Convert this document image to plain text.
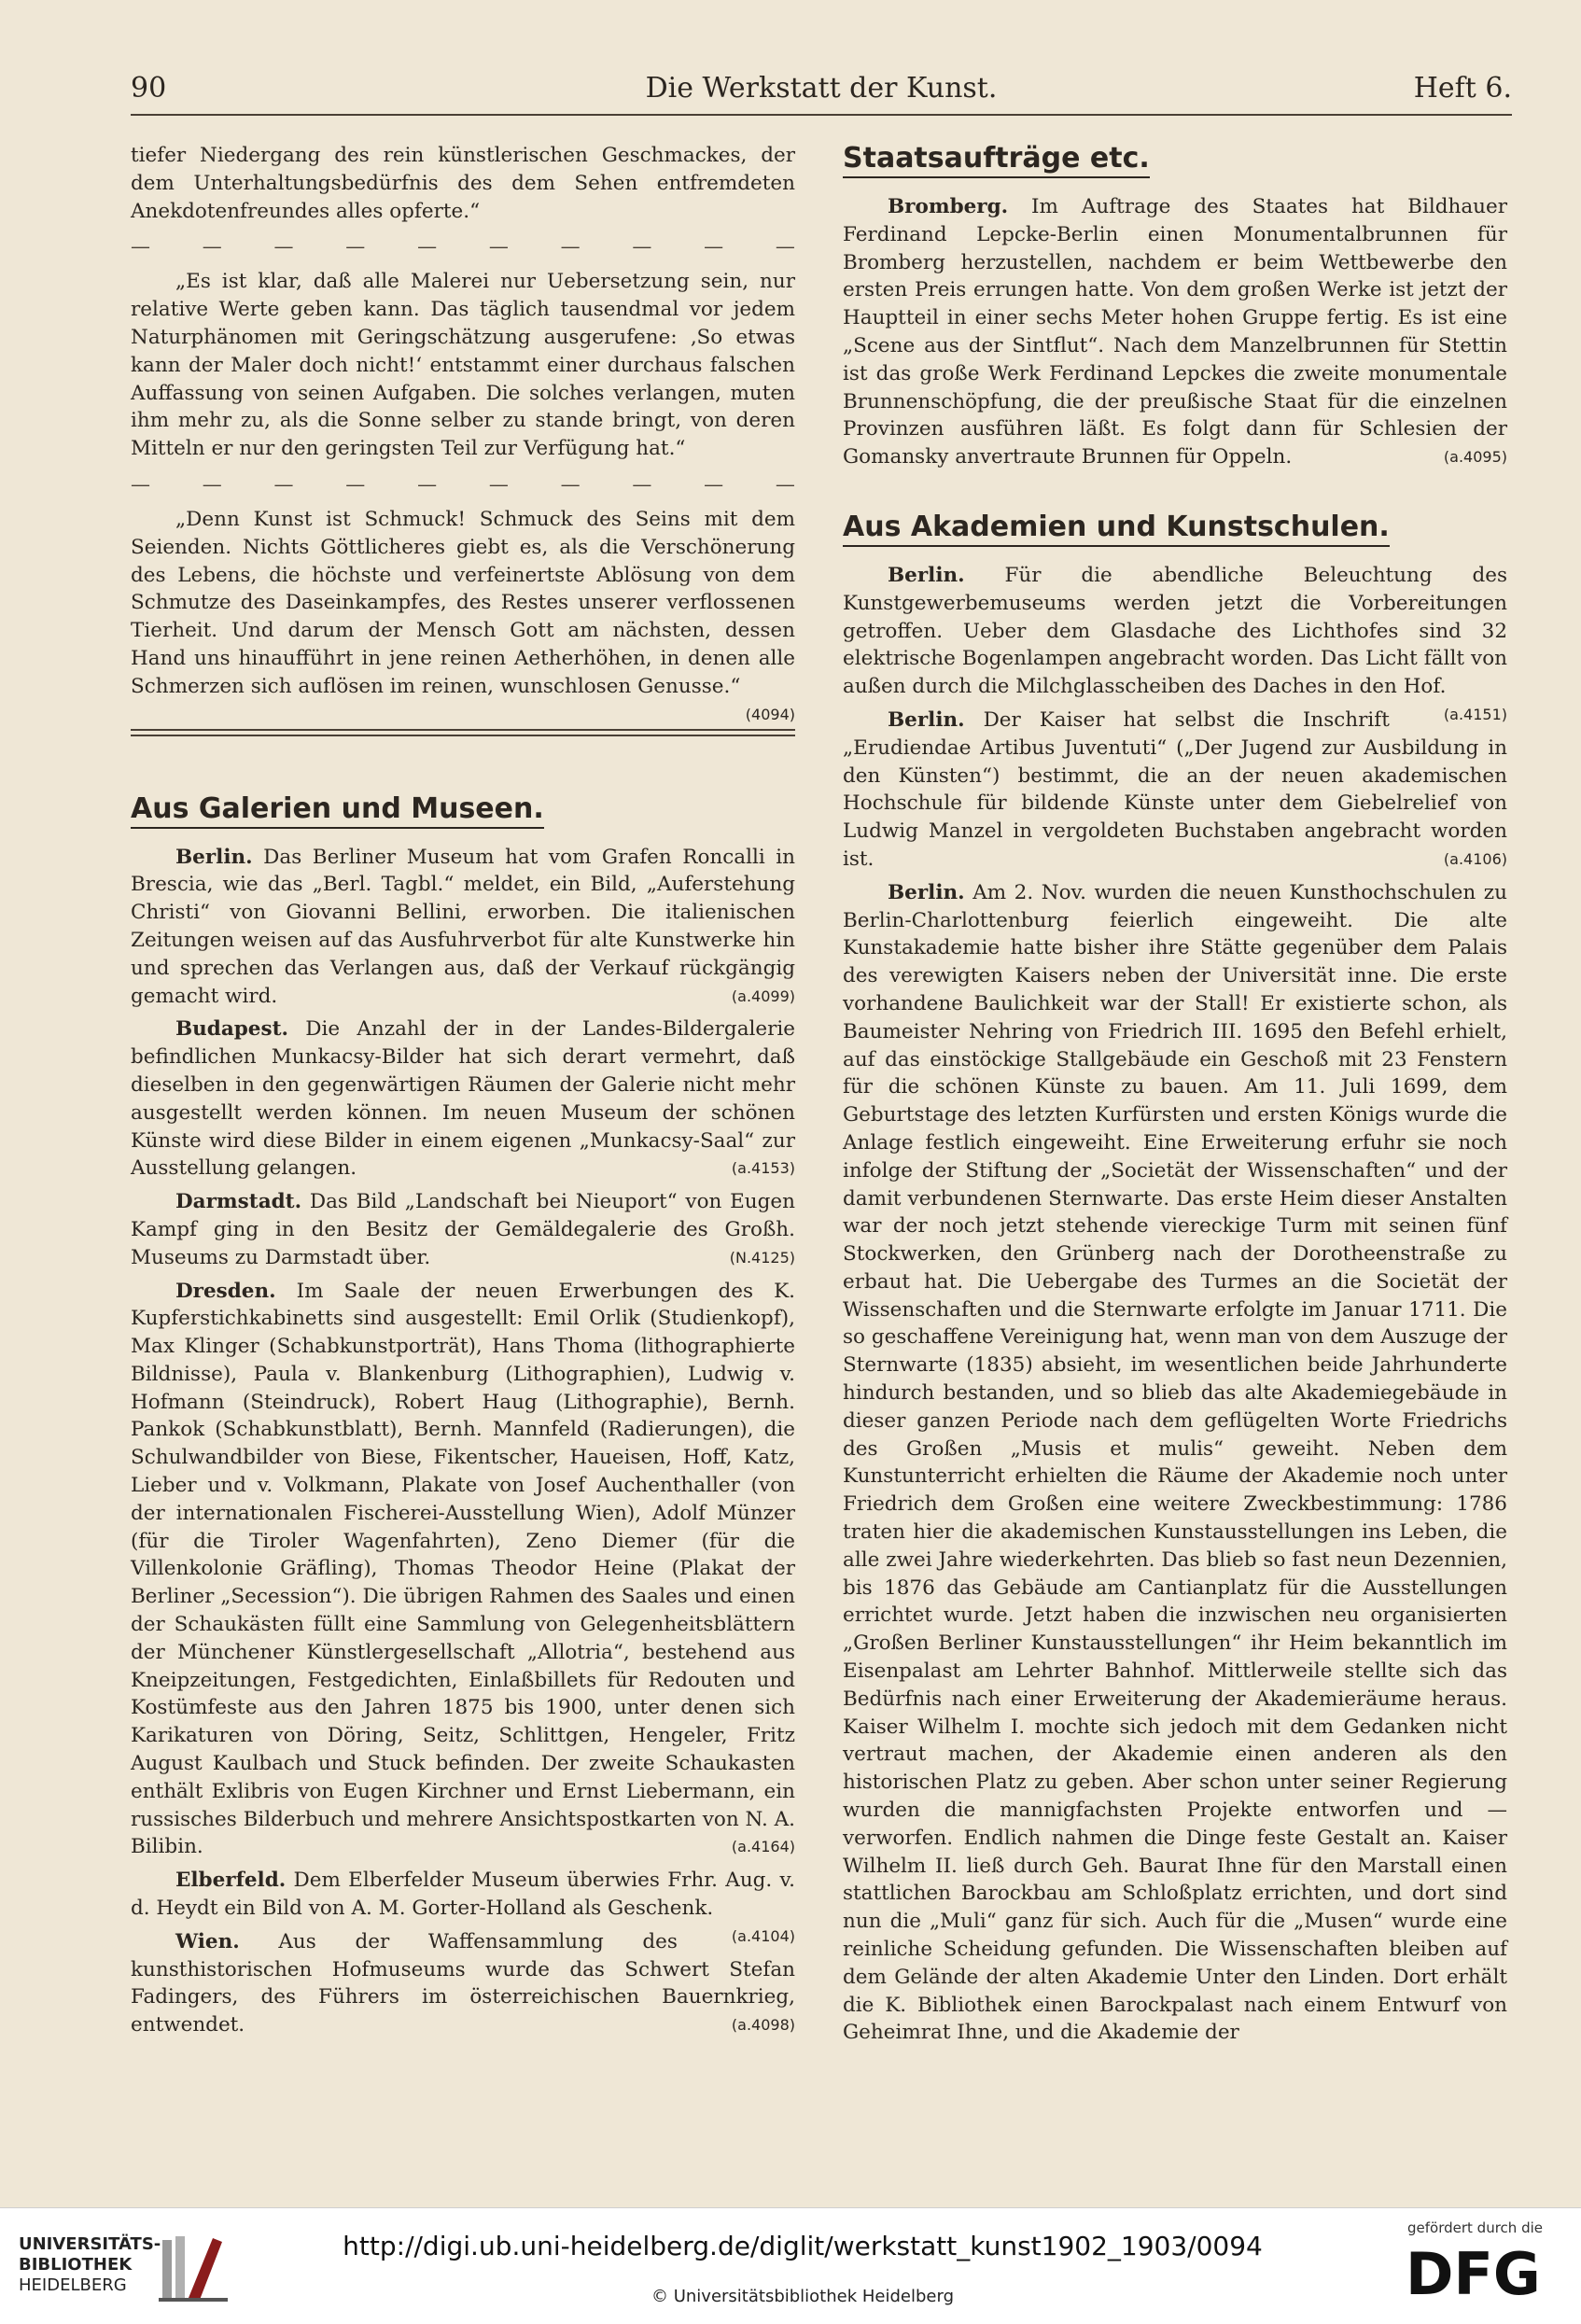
90	Die Werkstatt der Kunst.	Heft 6.

tiefer Niedergang des rein künstlerischen Geschmackes, der dem Unterhaltungsbedürfnis des dem Sehen entfremdeten Anekdotenfreundes alles opferte.“

—	—	—	—	—	—	—	—	—	—

„Es ist klar, daß alle Malerei nur Uebersetzung sein, nur relative Werte geben kann. Das täglich tausendmal vor jedem Naturphänomen mit Geringschätzung ausgerufene: ‚So etwas kann der Maler doch nicht!‘ entstammt einer durchaus falschen Auffassung von seinen Aufgaben. Die solches verlangen, muten ihm mehr zu, als die Sonne selber zu stande bringt, von deren Mitteln er nur den geringsten Teil zur Verfügung hat.“

—	—	—	—	—	—	—	—	—	—

„Denn Kunst ist Schmuck! Schmuck des Seins mit dem Seienden. Nichts Göttlicheres giebt es, als die Verschönerung des Lebens, die höchste und verfeinertste Ablösung von dem Schmutze des Daseinkampfes, des Restes unserer verflossenen Tierheit. Und darum der Mensch Gott am nächsten, dessen Hand uns hinaufführt in jene reinen Aetherhöhen, in denen alle Schmerzen sich auflösen im reinen, wunschlosen Genusse.“
(4094)

Aus Galerien und Museen.

Berlin. Das Berliner Museum hat vom Grafen Roncalli in Brescia, wie das „Berl. Tagbl.“ meldet, ein Bild, „Auferstehung Christi“ von Giovanni Bellini, erworben. Die italienischen Zeitungen weisen auf das Ausfuhrverbot für alte Kunstwerke hin und sprechen das Verlangen aus, daß der Verkauf rückgängig gemacht wird.	(a.4099)

Budapest. Die Anzahl der in der Landes-Bildergalerie befindlichen Munkacsy-Bilder hat sich derart vermehrt, daß dieselben in den gegenwärtigen Räumen der Galerie nicht mehr ausgestellt werden können. Im neuen Museum der schönen Künste wird diese Bilder in einem eigenen „Munkacsy-Saal“ zur Ausstellung gelangen.	(a.4153)

Darmstadt. Das Bild „Landschaft bei Nieuport“ von Eugen Kampf ging in den Besitz der Gemäldegalerie des Großh. Museums zu Darmstadt über.	(N.4125)

Dresden. Im Saale der neuen Erwerbungen des K. Kupferstichkabinetts sind ausgestellt: Emil Orlik (Studienkopf), Max Klinger (Schabkunstporträt), Hans Thoma (lithographierte Bildnisse), Paula v. Blankenburg (Lithographien), Ludwig v. Hofmann (Steindruck), Robert Haug (Lithographie), Bernh. Pankok (Schabkunstblatt), Bernh. Mannfeld (Radierungen), die Schulwandbilder von Biese, Fikentscher, Haueisen, Hoff, Katz, Lieber und v. Volkmann, Plakate von Josef Auchenthaller (von der internationalen Fischerei-Ausstellung Wien), Adolf Münzer (für die Tiroler Wagenfahrten), Zeno Diemer (für die Villenkolonie Gräfling), Thomas Theodor Heine (Plakat der Berliner „Secession“). Die übrigen Rahmen des Saales und einen der Schaukästen füllt eine Sammlung von Gelegenheitsblättern der Münchener Künstlergesellschaft „Allotria“, bestehend aus Kneipzeitungen, Festgedichten, Einlaßbillets für Redouten und Kostümfeste aus den Jahren 1875 bis 1900, unter denen sich Karikaturen von Döring, Seitz, Schlittgen, Hengeler, Fritz August Kaulbach und Stuck befinden. Der zweite Schaukasten enthält Exlibris von Eugen Kirchner und Ernst Liebermann, ein russisches Bilderbuch und mehrere Ansichtspostkarten von N. A. Bilibin.	(a.4164)

Elberfeld. Dem Elberfelder Museum überwies Frhr. Aug. v. d. Heydt ein Bild von A. M. Gorter-Holland als Geschenk.
(a.4104)

Wien. Aus der Waffensammlung des kunsthistorischen Hofmuseums wurde das Schwert Stefan Fadingers, des Führers im österreichischen Bauernkrieg, entwendet.	(a.4098)

Staatsaufträge etc.

Bromberg. Im Auftrage des Staates hat Bildhauer Ferdinand Lepcke-Berlin einen Monumentalbrunnen für Bromberg herzustellen, nachdem er beim Wettbewerbe den ersten Preis errungen hatte. Von dem großen Werke ist jetzt der Hauptteil in einer sechs Meter hohen Gruppe fertig. Es ist eine „Scene aus der Sintflut“. Nach dem Manzelbrunnen für Stettin ist das große Werk Ferdinand Lepckes die zweite monumentale Brunnenschöpfung, die der preußische Staat für die einzelnen Provinzen ausführen läßt. Es folgt dann für Schlesien der Gomansky anvertraute Brunnen für Oppeln.	(a.4095)

Aus Akademien und Kunstschulen.

Berlin. Für die abendliche Beleuchtung des Kunstgewerbemuseums werden jetzt die Vorbereitungen getroffen. Ueber dem Glasdache des Lichthofes sind 32 elektrische Bogenlampen angebracht worden. Das Licht fällt von außen durch die Milchglasscheiben des Daches in den Hof.
(a.4151)

Berlin. Der Kaiser hat selbst die Inschrift „Erudiendae Artibus Juventuti“ („Der Jugend zur Ausbildung in den Künsten“) bestimmt, die an der neuen akademischen Hochschule für bildende Künste unter dem Giebelrelief von Ludwig Manzel in vergoldeten Buchstaben angebracht worden ist.	(a.4106)

Berlin. Am 2. Nov. wurden die neuen Kunsthochschulen zu Berlin-Charlottenburg feierlich eingeweiht. Die alte Kunstakademie hatte bisher ihre Stätte gegenüber dem Palais des verewigten Kaisers neben der Universität inne. Die erste vorhandene Baulichkeit war der Stall! Er existierte schon, als Baumeister Nehring von Friedrich III. 1695 den Befehl erhielt, auf das einstöckige Stallgebäude ein Geschoß mit 23 Fenstern für die schönen Künste zu bauen. Am 11. Juli 1699, dem Geburtstage des letzten Kurfürsten und ersten Königs wurde die Anlage festlich eingeweiht. Eine Erweiterung erfuhr sie noch infolge der Stiftung der „Societät der Wissenschaften“ und der damit verbundenen Sternwarte. Das erste Heim dieser Anstalten war der noch jetzt stehende viereckige Turm mit seinen fünf Stockwerken, den Grünberg nach der Dorotheenstraße zu erbaut hat. Die Uebergabe des Turmes an die Societät der Wissenschaften und die Sternwarte erfolgte im Januar 1711. Die so geschaffene Vereinigung hat, wenn man von dem Auszuge der Sternwarte (1835) absieht, im wesentlichen beide Jahrhunderte hindurch bestanden, und so blieb das alte Akademiegebäude in dieser ganzen Periode nach dem geflügelten Worte Friedrichs des Großen „Musis et mulis“ geweiht. Neben dem Kunstunterricht erhielten die Räume der Akademie noch unter Friedrich dem Großen eine weitere Zweckbestimmung: 1786 traten hier die akademischen Kunstausstellungen ins Leben, die alle zwei Jahre wiederkehrten. Das blieb so fast neun Dezennien, bis 1876 das Gebäude am Cantianplatz für die Ausstellungen errichtet wurde. Jetzt haben die inzwischen neu organisierten „Großen Berliner Kunstausstellungen“ ihr Heim bekanntlich im Eisenpalast am Lehrter Bahnhof. Mittlerweile stellte sich das Bedürfnis nach einer Erweiterung der Akademieräume heraus. Kaiser Wilhelm I. mochte sich jedoch mit dem Gedanken nicht vertraut machen, der Akademie einen anderen als den historischen Platz zu geben. Aber schon unter seiner Regierung wurden die mannigfachsten Projekte entworfen und — verworfen. Endlich nahmen die Dinge feste Gestalt an. Kaiser Wilhelm II. ließ durch Geh. Baurat Ihne für den Marstall einen stattlichen Barockbau am Schloßplatz errichten, und dort sind nun die „Muli“ ganz für sich. Auch für die „Musen“ wurde eine reinliche Scheidung gefunden. Die Wissenschaften bleiben auf dem Gelände der alten Akademie Unter den Linden. Dort erhält die K. Bibliothek einen Barockpalast nach einem Entwurf von Geheimrat Ihne, und die Akademie der

UNIVERSITÄTS-
BIBLIOTHEK
HEIDELBERG
http://digi.ub.uni-heidelberg.de/diglit/werkstatt_kunst1902_1903/0094
© Universitätsbibliothek Heidelberg
gefördert durch die
DFG
